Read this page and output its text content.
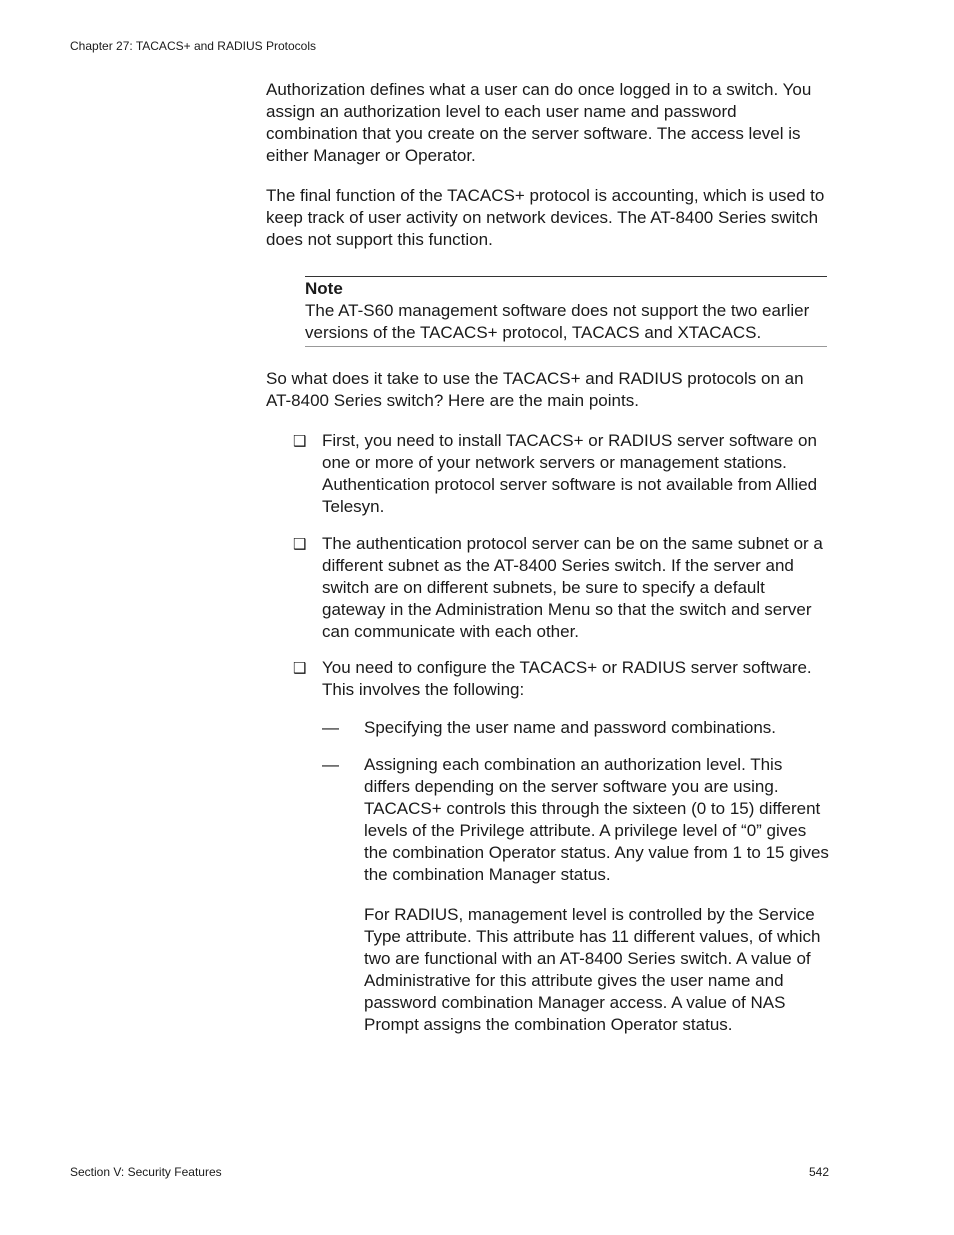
Chapter 27: TACACS+ and RADIUS Protocols

Authorization defines what a user can do once logged in to a switch. You assign an authorization level to each user name and password combination that you create on the server software. The access level is either Manager or Operator.

The final function of the TACACS+ protocol is accounting, which is used to keep track of user activity on network devices. The AT-8400 Series switch does not support this function.

Note

The AT-S60 management software does not support the two earlier versions of the TACACS+ protocol, TACACS and XTACACS.

So what does it take to use the TACACS+ and RADIUS protocols on an AT-8400 Series switch? Here are the main points.

❑ First, you need to install TACACS+ or RADIUS server software on one or more of your network servers or management stations. Authentication protocol server software is not available from Allied Telesyn.

❑ The authentication protocol server can be on the same subnet or a different subnet as the AT-8400 Series switch. If the server and switch are on different subnets, be sure to specify a default gateway in the Administration Menu so that the switch and server can communicate with each other.

❑ You need to configure the TACACS+ or RADIUS server software. This involves the following:

— Specifying the user name and password combinations.

— Assigning each combination an authorization level. This differs depending on the server software you are using. TACACS+ controls this through the sixteen (0 to 15) different levels of the Privilege attribute. A privilege level of “0” gives the combination Operator status. Any value from 1 to 15 gives the combination Manager status.

For RADIUS, management level is controlled by the Service Type attribute. This attribute has 11 different values, of which two are functional with an AT-8400 Series switch. A value of Administrative for this attribute gives the user name and password combination Manager access. A value of NAS Prompt assigns the combination Operator status.

Section V: Security Features	542
